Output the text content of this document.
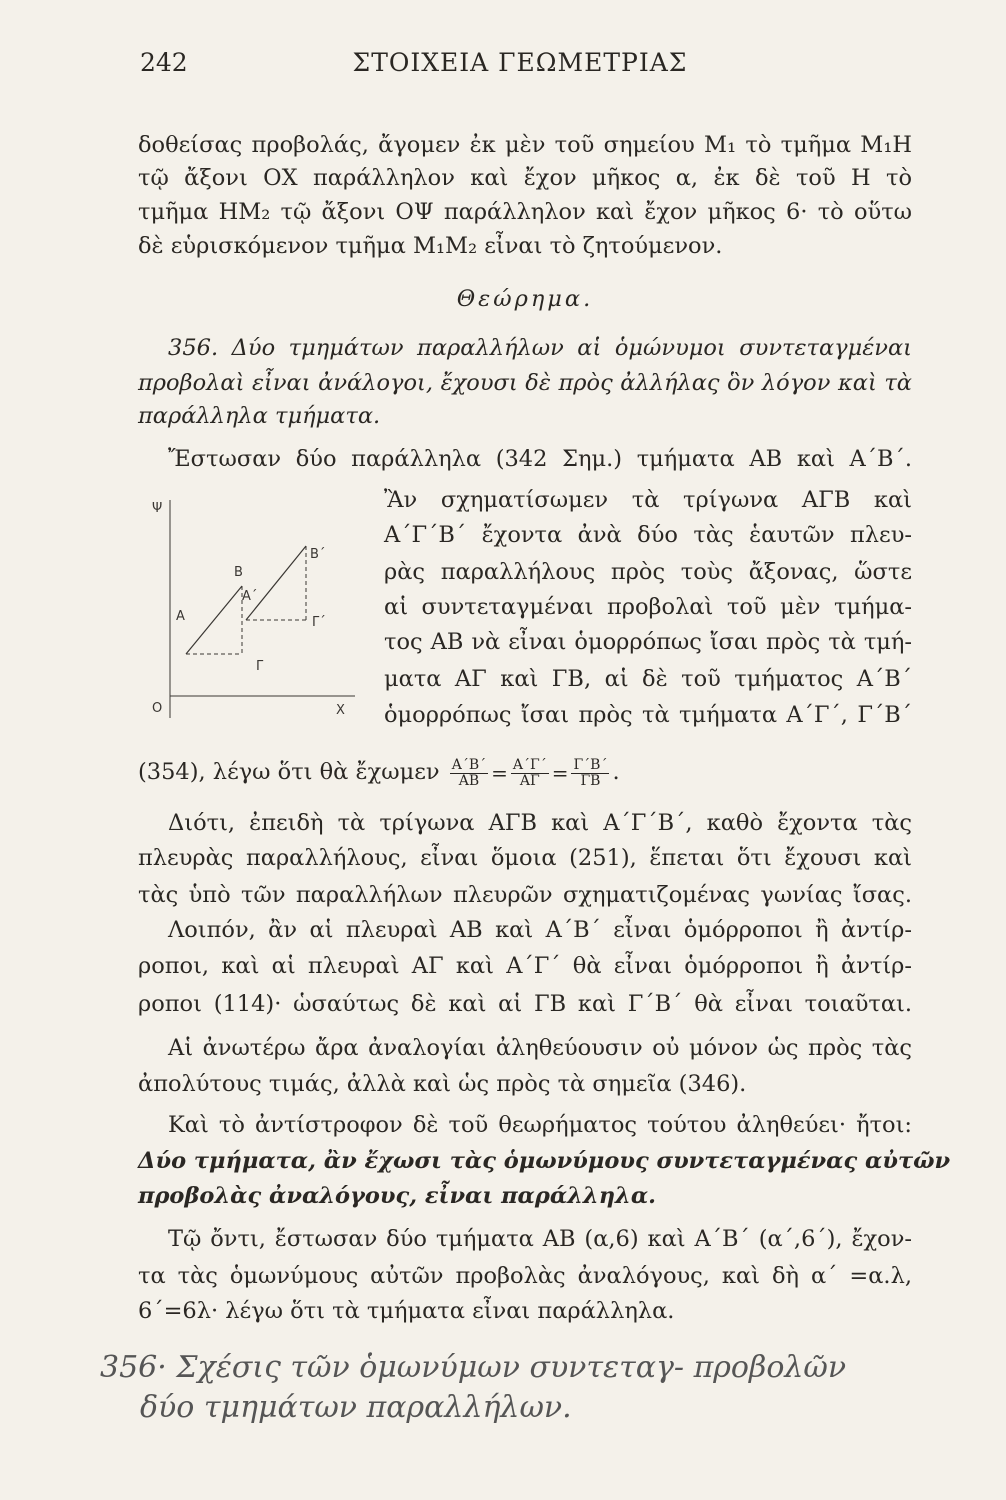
242	ΣΤΟΙΧΕΙΑ ΓΕΩΜΕΤΡΙΑΣ
δοθείσας προβολάς, ἄγομεν ἐκ μὲν τοῦ σημείου Μ₁ τὸ τμῆμα Μ₁Η
τῷ ἄξονι ΟΧ παράλληλον καὶ ἔχον μῆκος α, ἐκ δὲ τοῦ Η τὸ
τμῆμα ΗΜ₂ τῷ ἄξονι ΟΨ παράλληλον καὶ ἔχον μῆκος 6· τὸ οὕτω
δὲ εὑρισκόμενον τμῆμα Μ₁Μ₂ εἶναι τὸ ζητούμενον.
Θεώρημα.
356. Δύο τμημάτων παραλλήλων αἱ ὁμώνυμοι συντεταγμέναι
προβολαὶ εἶναι ἀνάλογοι, ἔχουσι δὲ πρὸς ἀλλήλας ὃν λόγον καὶ τὰ
παράλληλα τμήματα.
Ἔστωσαν δύο παράλληλα (342 Σημ.) τμήματα ΑΒ καὶ Α΄Β΄.
Ψ
Ο	Χ
Α
Β
Γ
Α΄
Β΄
Γ΄
Ἂν σχηματίσωμεν τὰ τρίγωνα ΑΓΒ καὶ
Α΄Γ΄Β΄ ἔχοντα ἀνὰ δύο τὰς ἑαυτῶν πλευ-
ρὰς παραλλήλους πρὸς τοὺς ἄξονας, ὥστε
αἱ συντεταγμέναι προβολαὶ τοῦ μὲν τμήμα-
τος ΑΒ νὰ εἶναι ὁμορρόπως ἴσαι πρὸς τὰ τμή-
ματα ΑΓ καὶ ΓΒ, αἱ δὲ τοῦ τμήματος Α΄Β΄
ὁμορρόπως ἴσαι πρὸς τὰ τμήματα Α΄Γ΄, Γ΄Β΄
(354), λέγω ὅτι θὰ ἔχωμεν $\frac{A΄B΄}{AB} = \frac{A΄\Gamma΄}{A\Gamma} = \frac{\Gamma΄B΄}{\Gamma B}$ .
Διότι, ἐπειδὴ τὰ τρίγωνα ΑΓΒ καὶ Α΄Γ΄Β΄, καθὸ ἔχοντα τὰς
πλευρὰς παραλλήλους, εἶναι ὅμοια (251), ἕπεται ὅτι ἔχουσι καὶ
τὰς ὑπὸ τῶν παραλλήλων πλευρῶν σχηματιζομένας γωνίας ἴσας.
Λοιπόν, ἂν αἱ πλευραὶ ΑΒ καὶ Α΄Β΄ εἶναι ὁμόρροποι ἢ ἀντίρ-
ροποι, καὶ αἱ πλευραὶ ΑΓ καὶ Α΄Γ΄ θὰ εἶναι ὁμόρροποι ἢ ἀντίρ-
ροποι (114)· ὡσαύτως δὲ καὶ αἱ ΓΒ καὶ Γ΄Β΄ θὰ εἶναι τοιαῦται.
Αἱ ἀνωτέρω ἄρα ἀναλογίαι ἀληθεύουσιν οὐ μόνον ὡς πρὸς τὰς
ἀπολύτους τιμάς, ἀλλὰ καὶ ὡς πρὸς τὰ σημεῖα (346).
Καὶ τὸ ἀντίστροφον δὲ τοῦ θεωρήματος τούτου ἀληθεύει· ἤτοι:
Δύο τμήματα, ἂν ἔχωσι τὰς ὁμωνύμους συντεταγμένας αὐτῶν
προβολὰς ἀναλόγους, εἶναι παράλληλα.
Τῷ ὄντι, ἔστωσαν δύο τμήματα ΑΒ (α,6) καὶ Α΄Β΄ (α΄,6΄), ἔχον-
τα τὰς ὁμωνύμους αὐτῶν προβολὰς ἀναλόγους, καὶ δὴ α΄ =α.λ,
6΄=6λ· λέγω ὅτι τὰ τμήματα εἶναι παράλληλα.
356· Σχέσις τῶν ὁμωνύμων συντεταγ- προβολῶν
δύο τμημάτων παραλλήλων.
